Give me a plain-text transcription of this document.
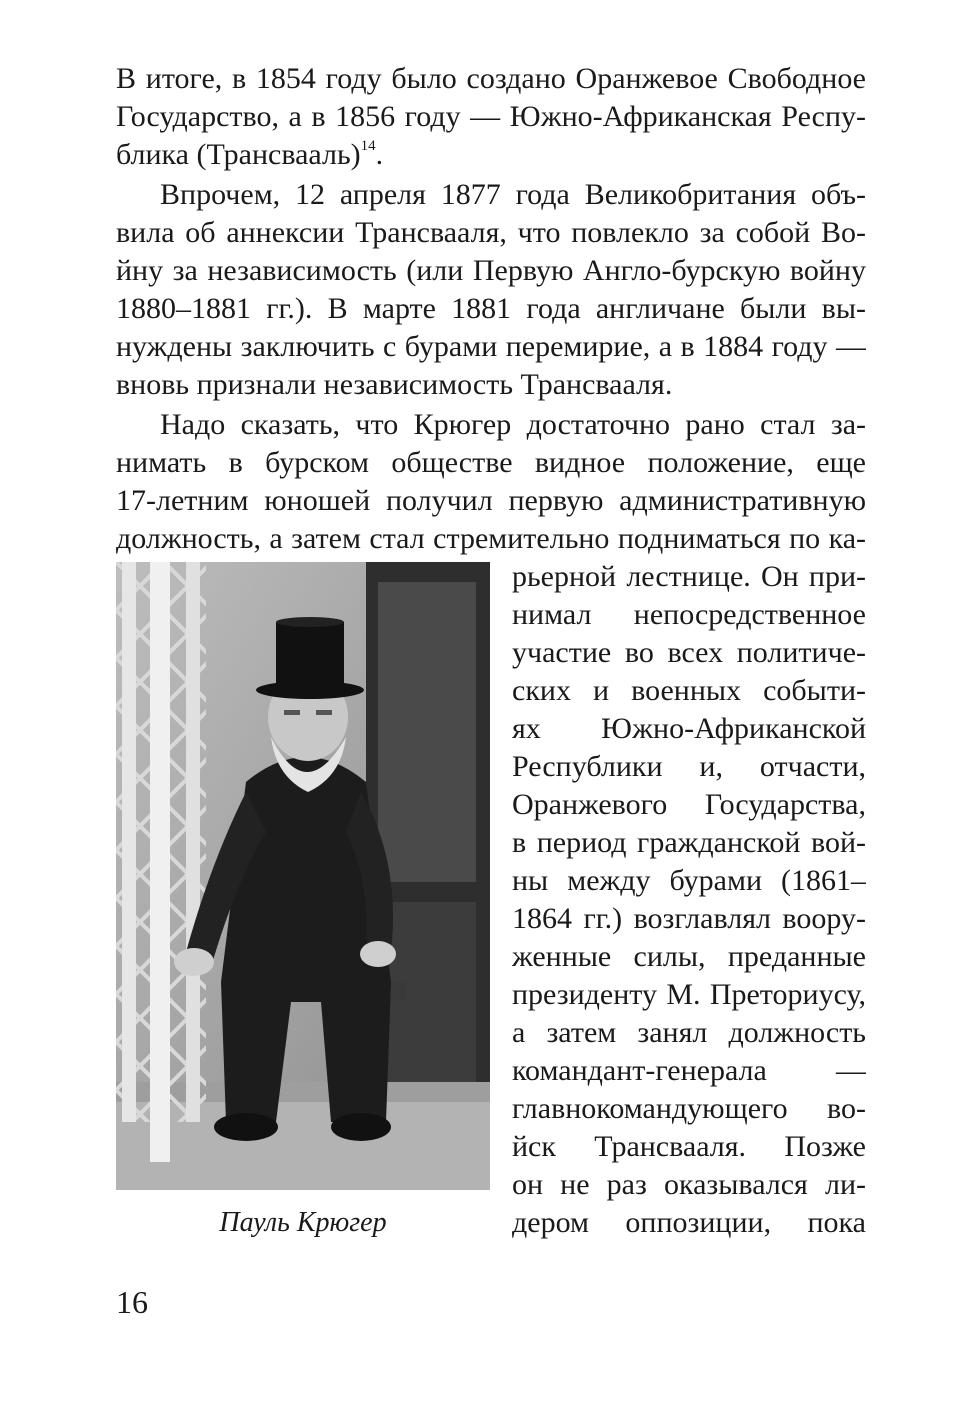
В итоге, в 1854 году было создано Оранжевое Свободное
Государство, а в 1856 году — Южно-Африканская Респу-
блика (Трансвааль)$^{14}$.
Впрочем, 12 апреля 1877 года Великобритания объ-
вила об аннексии Трансвааля, что повлекло за собой Во-
йну за независимость (или Первую Англо-бурскую войну
1880–1881 гг.). В марте 1881 года англичане были вы-
нуждены заключить с бурами перемирие, а в 1884 году —
вновь признали независимость Трансвааля.
Надо сказать, что Крюгер достаточно рано стал за-
нимать в бурском обществе видное положение, еще
17-летним юношей получил первую административную
должность, а затем стал стремительно подниматься по ка-
рьерной лестнице. Он при-
нимал непосредственное
участие во всех политиче-
ских и военных событи-
ях Южно-Африканской
Республики и, отчасти,
Оранжевого Государства,
в период гражданской вой-
ны между бурами (1861–
1864 гг.) возглавлял воору-
женные силы, преданные
президенту М. Преториусу,
а затем занял должность
командант-генерала —
главнокомандующего во-
йск Трансвааля. Позже
он не раз оказывался ли-
дером оппозиции, пока
Пауль Крюгер
16
